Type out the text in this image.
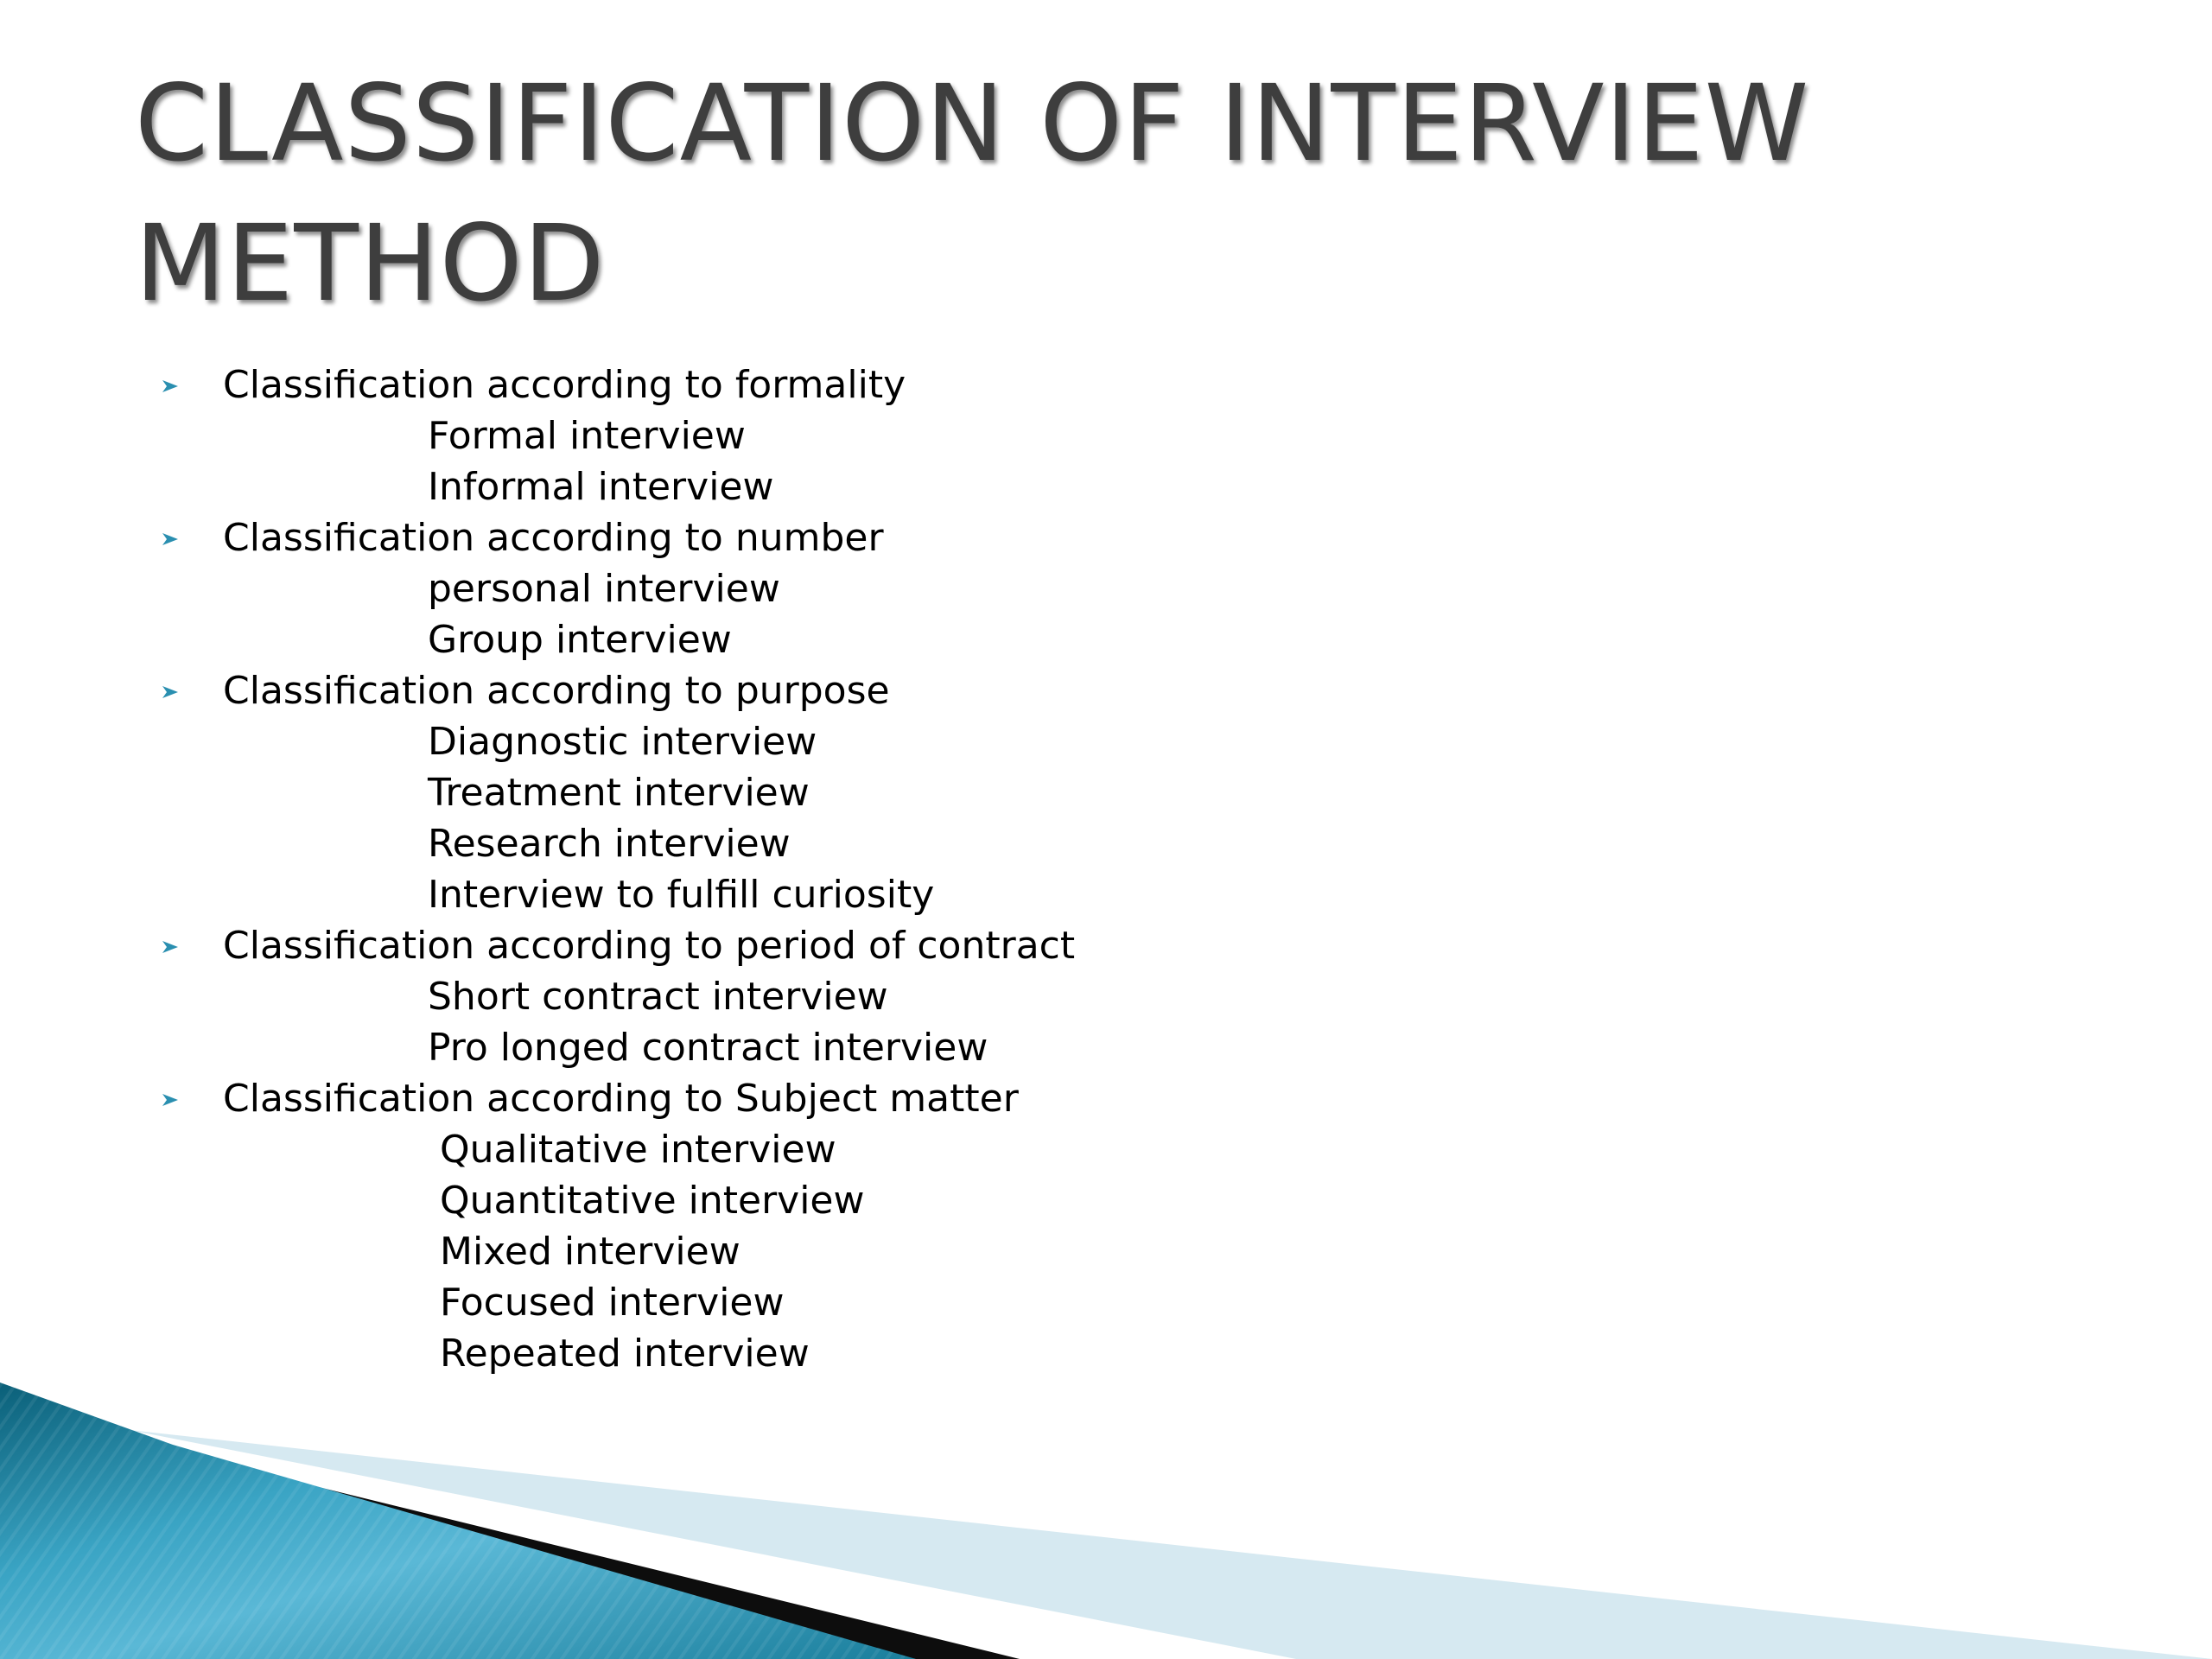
CLASSIFICATION OF INTERVIEW
METHOD
Classification according to formality
Formal interview
Informal interview
Classification according to number
personal interview
Group interview
Classification according to purpose
Diagnostic interview
Treatment interview
Research interview
Interview to fulfill curiosity
Classification according to period of contract
Short contract interview
Pro longed contract interview
Classification according to Subject matter
Qualitative interview
Quantitative interview
Mixed interview
Focused interview
Repeated interview
